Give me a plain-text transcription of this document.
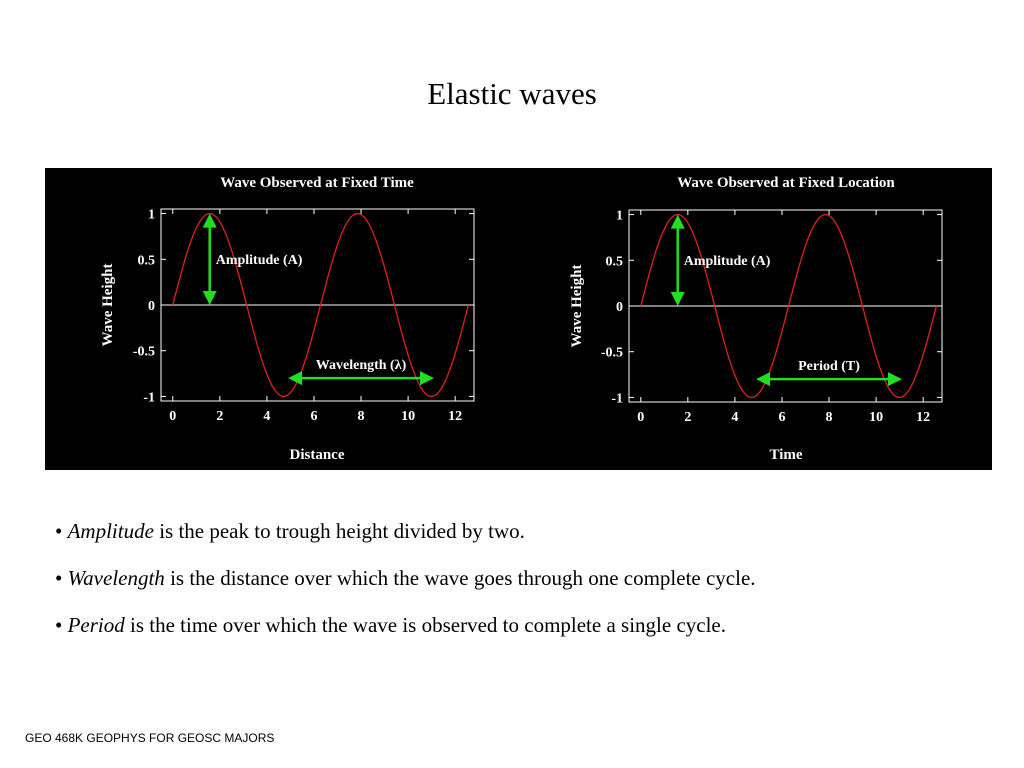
Elastic waves
Wave Observed at Fixed Time
1
0.5
0
-0.5
-1
0	2	4	6	8	10 12
Distance
Wave Height
Amplitude (A)
Wavelength (λ)
Wave Observed at Fixed Location
1
0.5
0
-0.5
-1
0	2	4	6	8	10 12
Time
Wave Height
Amplitude (A)
Period (T)
• Amplitude is the peak to trough height divided by two.
• Wavelength is the distance over which the wave goes through one complete cycle.
• Period is the time over which the wave is observed to complete a single cycle.
GEO 468K GEOPHYS FOR GEOSC MAJORS
